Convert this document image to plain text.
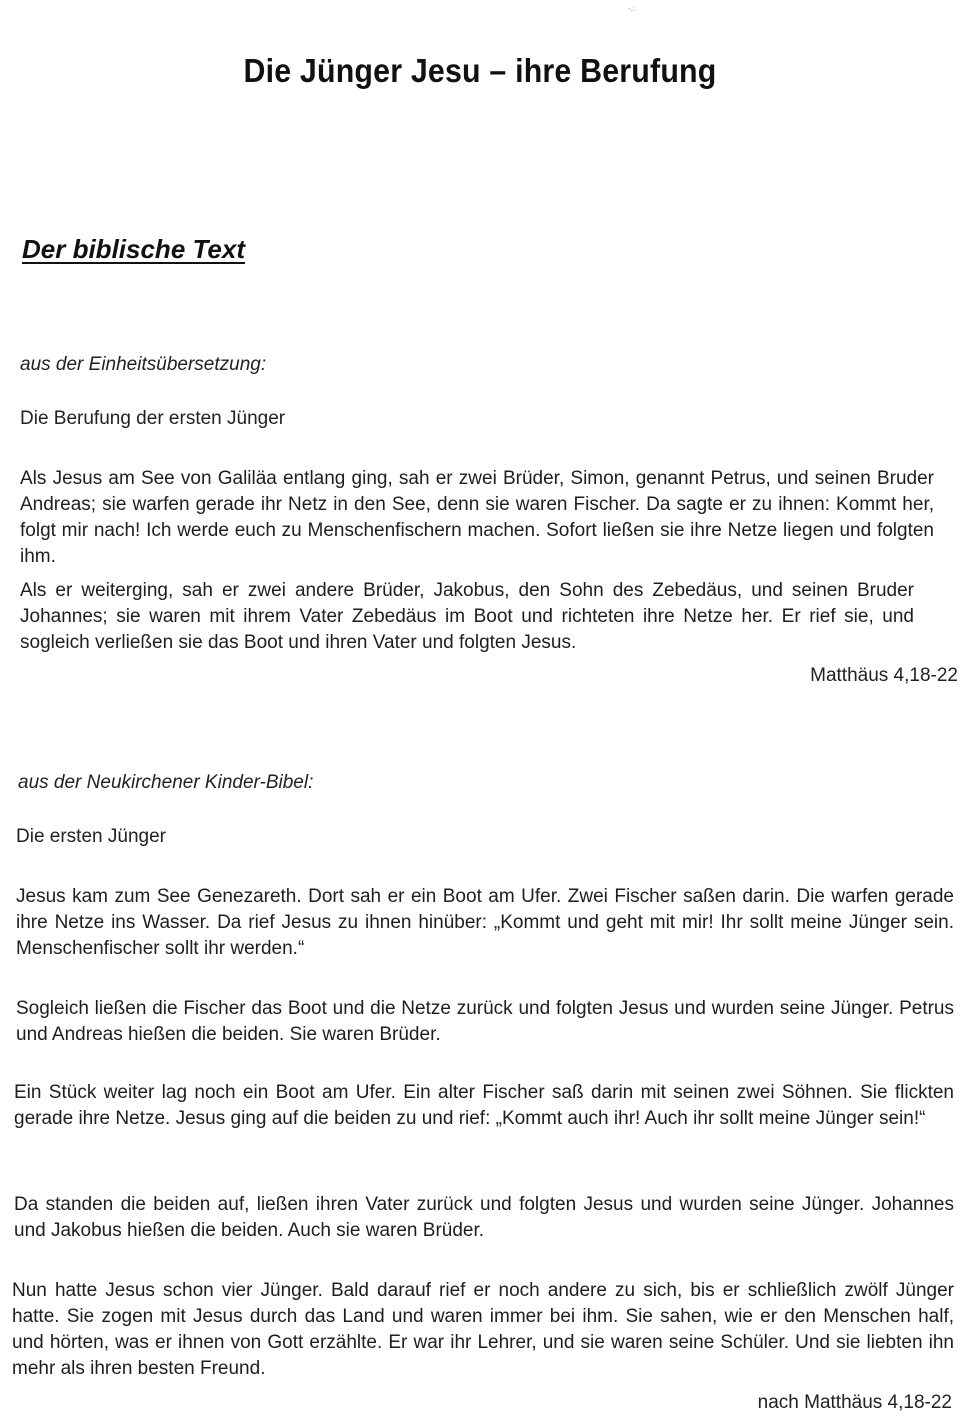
·.:
Die Jünger Jesu – ihre Berufung
Der biblische Text
aus der Einheitsübersetzung:
Die Berufung der ersten Jünger

Als Jesus am See von Galiläa entlang ging, sah er zwei Brüder, Simon, genannt Petrus, und seinen Bruder Andreas; sie warfen gerade ihr Netz in den See, denn sie waren Fischer. Da sagte er zu ihnen: Kommt her, folgt mir nach! Ich werde euch zu Menschenfischern machen. Sofort ließen sie ihre Netze liegen und folgten ihm.

Als er weiterging, sah er zwei andere Brüder, Jakobus, den Sohn des Zebedäus, und seinen Bruder Johannes; sie waren mit ihrem Vater Zebedäus im Boot und richteten ihre Netze her. Er rief sie, und sogleich verließen sie das Boot und ihren Vater und folgten Jesus.

Matthäus 4,18-22
aus der Neukirchener Kinder-Bibel:
Die ersten Jünger

Jesus kam zum See Genezareth. Dort sah er ein Boot am Ufer. Zwei Fischer saßen darin. Die warfen gerade ihre Netze ins Wasser. Da rief Jesus zu ihnen hinüber: „Kommt und geht mit mir! Ihr sollt meine Jünger sein. Menschenfischer sollt ihr werden.“

Sogleich ließen die Fischer das Boot und die Netze zurück und folgten Jesus und wurden seine Jünger. Petrus und Andreas hießen die beiden. Sie waren Brüder.

Ein Stück weiter lag noch ein Boot am Ufer. Ein alter Fischer saß darin mit seinen zwei Söhnen. Sie flickten gerade ihre Netze. Jesus ging auf die beiden zu und rief: „Kommt auch ihr! Auch ihr sollt meine Jünger sein!“

Da standen die beiden auf, ließen ihren Vater zurück und folgten Jesus und wurden seine Jünger. Johannes und Jakobus hießen die beiden. Auch sie waren Brüder.

Nun hatte Jesus schon vier Jünger. Bald darauf rief er noch andere zu sich, bis er schließlich zwölf Jünger hatte. Sie zogen mit Jesus durch das Land und waren immer bei ihm. Sie sahen, wie er den Menschen half, und hörten, was er ihnen von Gott erzählte. Er war ihr Lehrer, und sie waren seine Schüler. Und sie liebten ihn mehr als ihren besten Freund.

nach Matthäus 4,18-22
